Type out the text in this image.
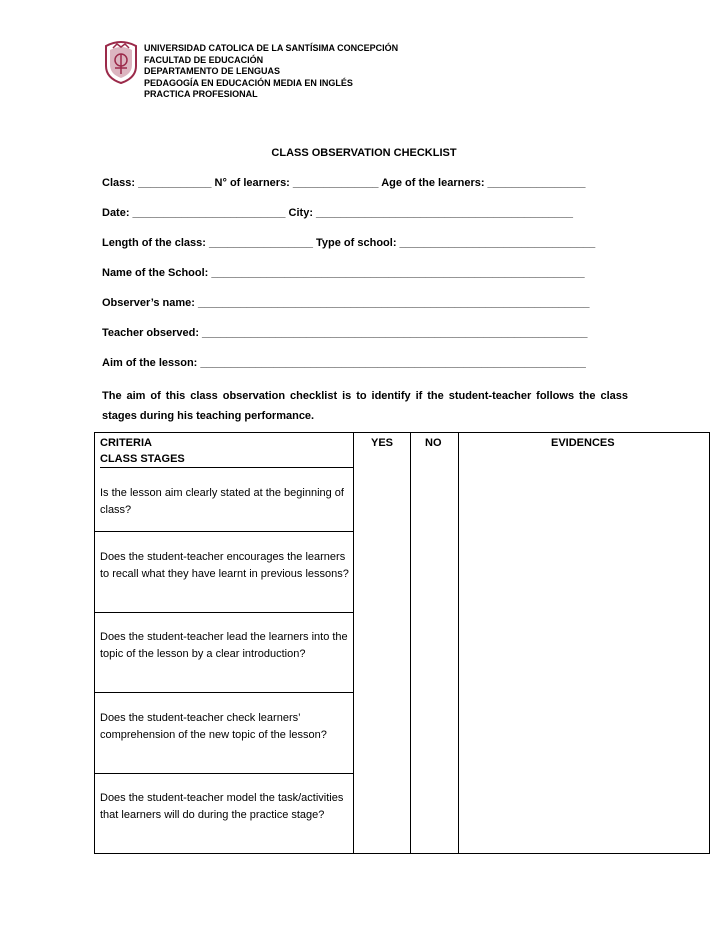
UNIVERSIDAD CATOLICA DE LA SANTÍSIMA CONCEPCIÓN
FACULTAD DE EDUCACIÓN
DEPARTAMENTO DE LENGUAS
PEDAGOGÍA EN EDUCACIÓN MEDIA EN INGLÉS
PRACTICA PROFESIONAL
CLASS OBSERVATION CHECKLIST
Class: ____________ N° of learners: ______________ Age of the learners: ________________
Date: _________________________ City: __________________________________________
Length of the class: _________________ Type of school: ________________________________
Name of the School: _____________________________________________________________
Observer’s name: ________________________________________________________________
Teacher observed: _______________________________________________________________
Aim of the lesson: _______________________________________________________________
The aim of this class observation checklist is to identify if the student-teacher follows the class stages during his teaching performance.
CRITERIA	YES	NO	EVIDENCES
CLASS STAGES
Is the lesson aim clearly stated at the beginning of class?
Does the student-teacher encourages the learners to recall what they have learnt in previous lessons?
Does the student-teacher lead the learners into the topic of the lesson by a clear introduction?
Does the student-teacher check learners’ comprehension of the new topic of the lesson?
Does the student-teacher model the task/activities that learners will do during the practice stage?
